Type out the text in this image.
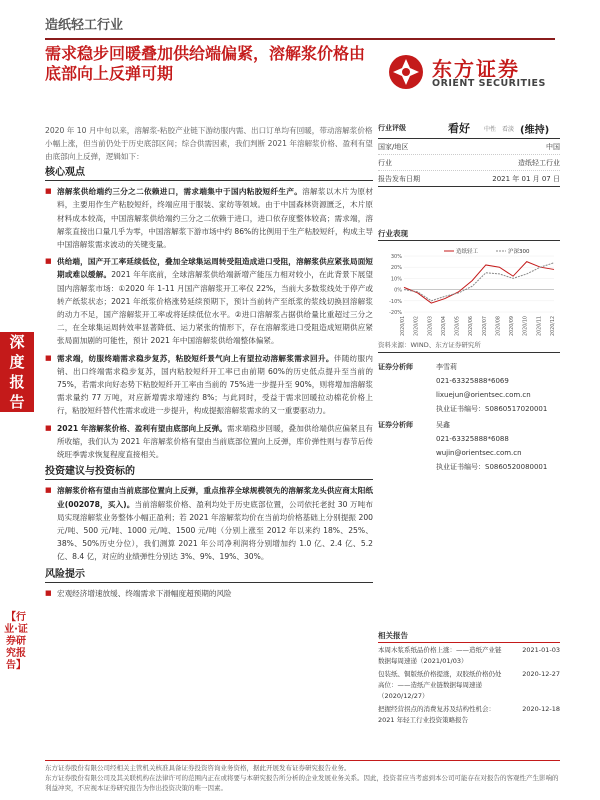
造纸轻工行业
需求稳步回暖叠加供给端偏紧，溶解浆价格由底部向上反弹可期	东方证券
ORIENT SECURITIES
深度报告
【行业·证券研究报告】
2020 年 10 月中旬以来，溶解浆-粘胶产业链下游纺服内需、出口订单均有回暖，带动溶解浆价格小幅上涨，但当前仍处于历史底部区间；综合供需因素，我们判断 2021 年溶解浆价格、盈利有望由底部向上反弹，逻辑如下：
核心观点
■ 溶解浆供给端约三分之二依赖进口，需求端集中于国内粘胶短纤生产。溶解浆以木片为原材料，主要用作生产粘胶短纤，终端应用于服装、家纺等领域。由于中国森林资源匮乏，木片原材料成本较高，中国溶解浆供给端约三分之二依赖于进口，进口依存度整体较高；需求端，溶解浆直接出口量几乎为零，中国溶解浆下游市场中约 86%的比例用于生产粘胶短纤，构成主导中国溶解浆需求波动的关键变量。
■ 供给端，国产开工率延续低位，叠加全球集运周转受阻造成进口受阻，溶解浆供应紧张局面短期或难以缓解。2021 年年底前，全球溶解浆供给端新增产能压力相对较小，在此背景下展望国内溶解浆市场：①2020 年 1-11 月国产溶解浆开工率仅 22%，当前大多数浆线处于停产或转产纸浆状态；2021 年纸浆价格涨势延续预期下，预计当前转产至纸浆的浆线切换回溶解浆的动力不足，国产溶解浆开工率或将延续低位水平。②进口溶解浆占据供给量比重超过三分之二，在全球集运周转效率显著降低、运力紧张的情形下，存在溶解浆进口受阻造成短期供应紧张局面加剧的可能性，预计 2021 年中国溶解浆供给端整体偏紧。
■ 需求端，纺服终端需求稳步复苏，粘胶短纤景气向上有望拉动溶解浆需求回升。伴随纺服内销、出口终端需求稳步复苏，国内粘胶短纤开工率已由前期 60%的历史低点提升至当前的 75%，若需求向好态势下粘胶短纤开工率由当前的 75%进一步提升至 90%，则将增加溶解浆需求量约 77 万吨，对应新增需求增速约 8%；与此同时，受益于需求回暖拉动棉花价格上行，粘胶短纤替代性需求或进一步提升，构成提振溶解浆需求的又一重要驱动力。
■ 2021 年溶解浆价格、盈利有望由底部向上反弹。需求端稳步回暖，叠加供给端供应偏紧且有所收缩，我们认为 2021 年溶解浆价格有望由当前底部位置向上反弹，库价弹性则与春节后传统旺季需求恢复程度直接相关。
投资建议与投资标的
■ 溶解浆价格有望由当前底部位置向上反弹，重点推荐全球规模领先的溶解浆龙头供应商太阳纸业(002078，买入)。当前溶解浆价格、盈利均处于历史底部位置，公司依托老挝 30 万吨布局实现溶解浆业务整体小幅正盈利；若 2021 年溶解浆均价在当前均价格基础上分别提振 200 元/吨、500 元/吨、1000 元/吨、1500 元/吨（分别上涨至 2012 年以来约 18%、25%、38%、50%历史分位），我们测算 2021 年公司净利润将分别增加约 1.0 亿、2.4 亿、5.2 亿、8.4 亿，对应的业绩弹性分别达 3%、9%、19%、30%。
风险提示
■ 宏观经济增速放缓、终端需求下滑幅度超预期的风险
行业评级	看好 中性 看淡 (维持)
国家/地区	中国
行业	造纸轻工行业
报告发布日期	2021 年 01 月 07 日
行业表现
30%
20%
10%
0%
-10%
-20%
2020/01 2020/02 2020/03 2020/04 2020/05 2020/06 2020/07 2020/08 2020/09 2020/10 2020/11 2020/12
造纸轻工	沪深300
资料来源：WIND、东方证券研究所
证券分析师	李雪莉
021-63325888*6069
lixuejun@orientsec.com.cn
执业证书编号：S0860517020001
证券分析师	吴鑫
021-63325888*6088
wujin@orientsec.com.cn
执业证书编号：S0860520080001
相关报告
本周木浆系纸品价格上涨：——造纸产业链数据每周速递（2021/01/03）
2021-01-03
包装纸、铜版纸价格提涨，双胶纸价格仍处高位：——造纸产业链数据每周速递（2020/12/27）
2020-12-27
把握经营拐点的消费复苏及结构性机会：2021 年轻工行业投资策略报告
2020-12-18
东方证券股份有限公司经相关主管机关核准具备证券投资咨询业务资格，据此开展发布证券研究报告业务。
东方证券股份有限公司及其关联机构在法律许可的范围内正在或将要与本研究报告所分析的企业发展业务关系。因此，投资者应当考虑到本公司可能存在对报告的客观性产生影响的利益冲突，不应视本证券研究报告为作出投资决策的唯一因素。
